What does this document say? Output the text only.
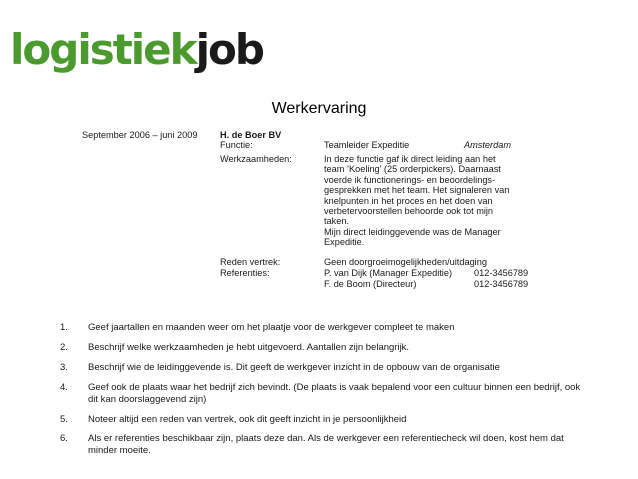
logistiekjob
Werkervaring
September 2006 – juni 2009 H. de Boer BV
Functie:	Teamleider Expeditie	Amsterdam
Werkzaamheden:	In deze functie gaf ik direct leiding aan het
team ‘Koeling’ (25 orderpickers). Daarnaast
voerde ik functionerings- en beoordelings-
gesprekken met het team. Het signaleren van
knelpunten in het proces en het doen van
verbetervoorstellen behoorde ook tot mijn
taken.
Mijn direct leidinggevende was de Manager
Expeditie.
Reden vertrek:	Geen doorgroeimogelijkheden/uitdaging
Referenties:	P. van Dijk (Manager Expeditie) 012-3456789
F. de Boom (Directeur)	012-3456789
1.	Geef jaartallen en maanden weer om het plaatje voor de werkgever compleet te maken
2.	Beschrijf welke werkzaamheden je hebt uitgevoerd. Aantallen zijn belangrijk.
3.	Beschrijf wie de leidinggevende is. Dit geeft de werkgever inzicht in de opbouw van de organisatie
4.	Geef ook de plaats waar het bedrijf zich bevindt. (De plaats is vaak bepalend voor een cultuur binnen een bedrijf, ook dit kan doorslaggevend zijn)
5.	Noteer altijd een reden van vertrek, ook dit geeft inzicht in je persoonlijkheid
6.	Als er referenties beschikbaar zijn, plaats deze dan. Als de werkgever een referentiecheck wil doen, kost hem dat minder moeite.
